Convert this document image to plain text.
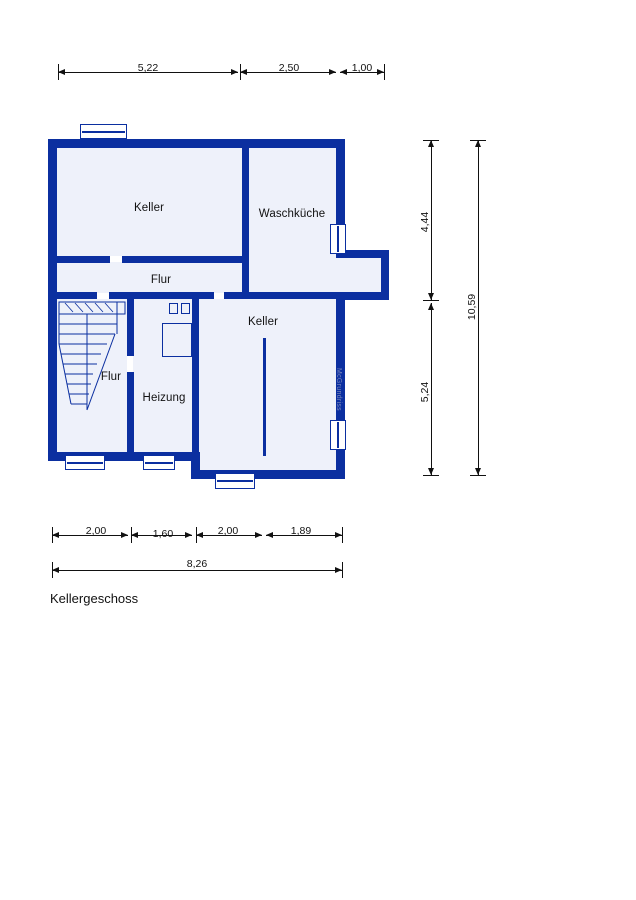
5,22	2,50	1,00
Keller	Waschküche
Flur
Flur
Heizung
Keller
McGrundriss
4,44
5,24
10,59
2,00	1,60	2,00	1,89
8,26
Kellergeschoss
